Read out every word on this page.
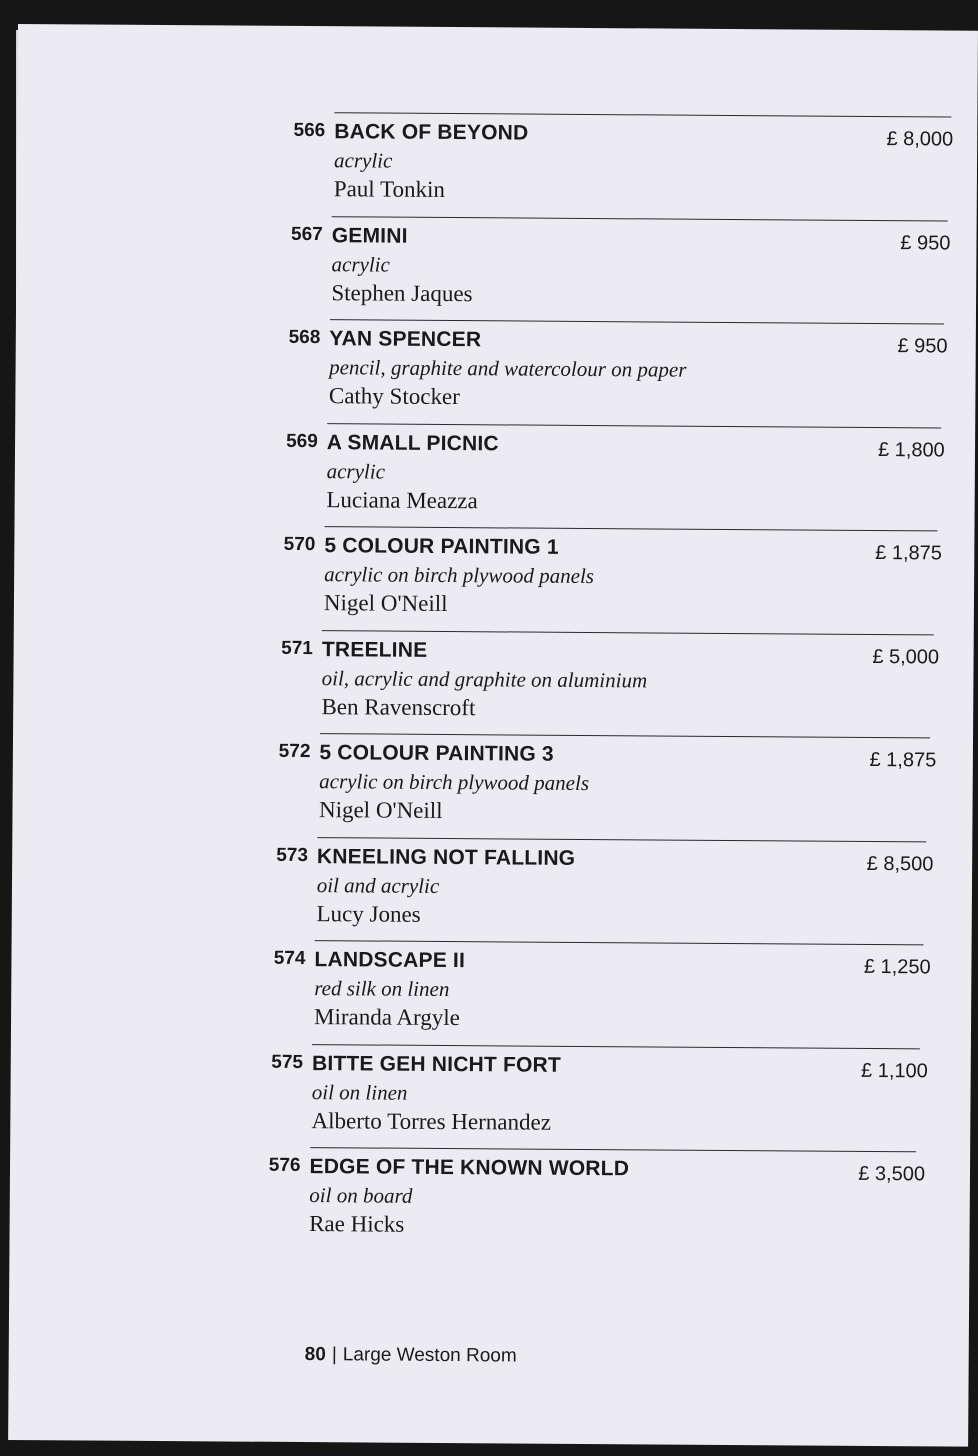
566 BACK OF BEYOND
acrylic
Paul Tonkin
£ 8,000
567 GEMINI
acrylic
Stephen Jaques
£ 950
568 YAN SPENCER
pencil, graphite and watercolour on paper
Cathy Stocker
£ 950
569 A SMALL PICNIC
acrylic
Luciana Meazza
£ 1,800
570 5 COLOUR PAINTING 1
acrylic on birch plywood panels
Nigel O'Neill
£ 1,875
571 TREELINE
oil, acrylic and graphite on aluminium
Ben Ravenscroft
£ 5,000
572 5 COLOUR PAINTING 3
acrylic on birch plywood panels
Nigel O'Neill
£ 1,875
573 KNEELING NOT FALLING
oil and acrylic
Lucy Jones
£ 8,500
574 LANDSCAPE II
red silk on linen
Miranda Argyle
£ 1,250
575 BITTE GEH NICHT FORT
oil on linen
Alberto Torres Hernandez
£ 1,100
576 EDGE OF THE KNOWN WORLD
oil on board
Rae Hicks
£ 3,500
80 | Large Weston Room
